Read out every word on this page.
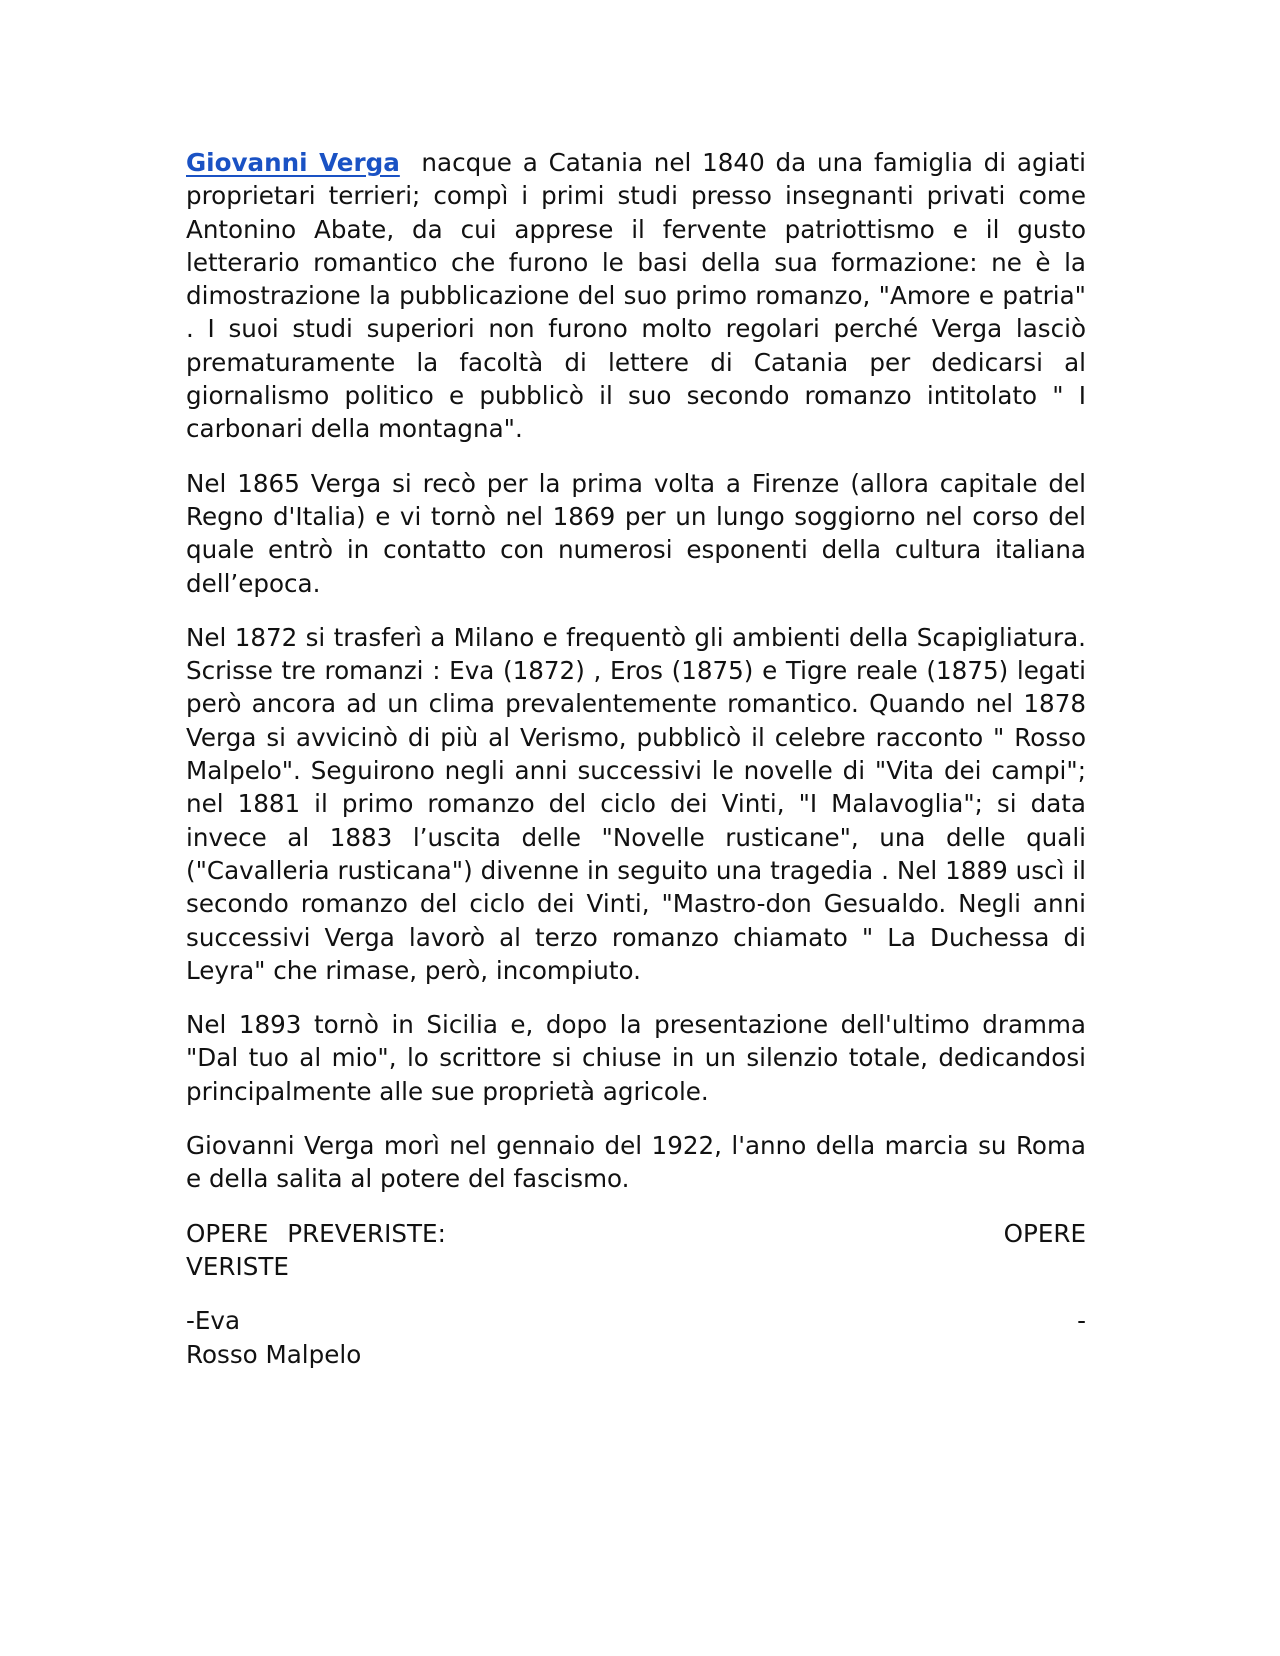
Giovanni Verga nacque a Catania nel 1840 da una famiglia di agiati proprietari terrieri; compì i primi studi presso insegnanti privati come Antonino Abate, da cui apprese il fervente patriottismo e il gusto letterario romantico che furono le basi della sua formazione: ne è la dimostrazione la pubblicazione del suo primo romanzo, "Amore e patria" . I suoi studi superiori non furono molto regolari perché Verga lasciò prematuramente la facoltà di lettere di Catania per dedicarsi al giornalismo politico e pubblicò il suo secondo romanzo intitolato " I carbonari della montagna".

Nel 1865 Verga si recò per la prima volta a Firenze (allora capitale del Regno d'Italia) e vi tornò nel 1869 per un lungo soggiorno nel corso del quale entrò in contatto con numerosi esponenti della cultura italiana dell’epoca.

Nel 1872 si trasferì a Milano e frequentò gli ambienti della Scapigliatura. Scrisse tre romanzi : Eva (1872) , Eros (1875) e Tigre reale (1875) legati però ancora ad un clima prevalentemente romantico. Quando nel 1878 Verga si avvicinò di più al Verismo, pubblicò il celebre racconto " Rosso Malpelo". Seguirono negli anni successivi le novelle di "Vita dei campi"; nel 1881 il primo romanzo del ciclo dei Vinti, "I Malavoglia"; si data invece al 1883 l’uscita delle "Novelle rusticane", una delle quali ("Cavalleria rusticana") divenne in seguito una tragedia . Nel 1889 uscì il secondo romanzo del ciclo dei Vinti, "Mastro-don Gesualdo. Negli anni successivi Verga lavorò al terzo romanzo chiamato " La Duchessa di Leyra" che rimase, però, incompiuto.

Nel 1893 tornò in Sicilia e, dopo la presentazione dell'ultimo dramma "Dal tuo al mio", lo scrittore si chiuse in un silenzio totale, dedicandosi principalmente alle sue proprietà agricole.

Giovanni Verga morì nel gennaio del 1922, l'anno della marcia su Roma e della salita al potere del fascismo.

OPERE PREVERISTE:	OPERE VERISTE

-Eva	- Rosso Malpelo
